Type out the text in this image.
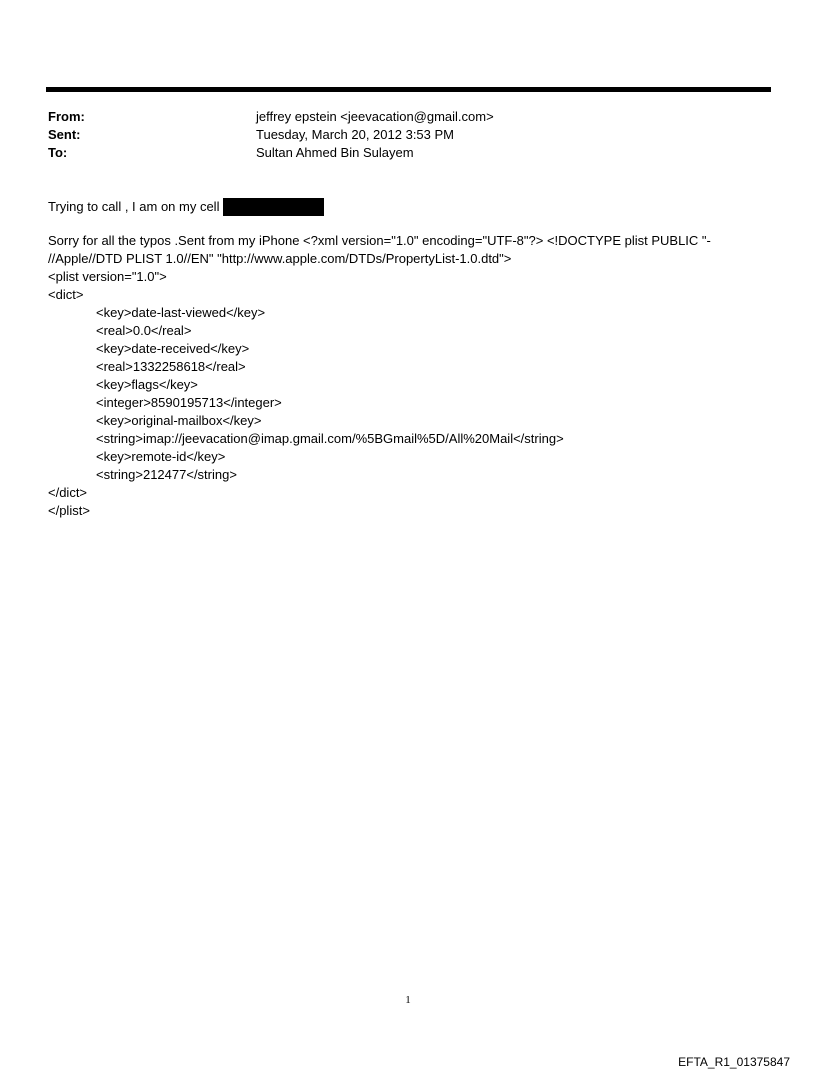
From:	jeffrey epstein <jeevacation@gmail.com>
Sent:	Tuesday, March 20, 2012 3:53 PM
To:	Sultan Ahmed Bin Sulayem
Trying to call , I am on my cell
Sorry for all the typos .Sent from my iPhone <?xml version="1.0" encoding="UTF-8"?> <!DOCTYPE plist PUBLIC "-
//Apple//DTD PLIST 1.0//EN" "http://www.apple.com/DTDs/PropertyList-1.0.dtd">
<plist version="1.0">
<dict>
<key>date-last-viewed</key>
<real>0.0</real>
<key>date-received</key>
<real>1332258618</real>
<key>flags</key>
<integer>8590195713</integer>
<key>original-mailbox</key>
<string>imap://jeevacation@imap.gmail.com/%5BGmail%5D/All%20Mail</string>
<key>remote-id</key>
<string>212477</string>
</dict>
</plist>
1
EFTA_R1_01375847
